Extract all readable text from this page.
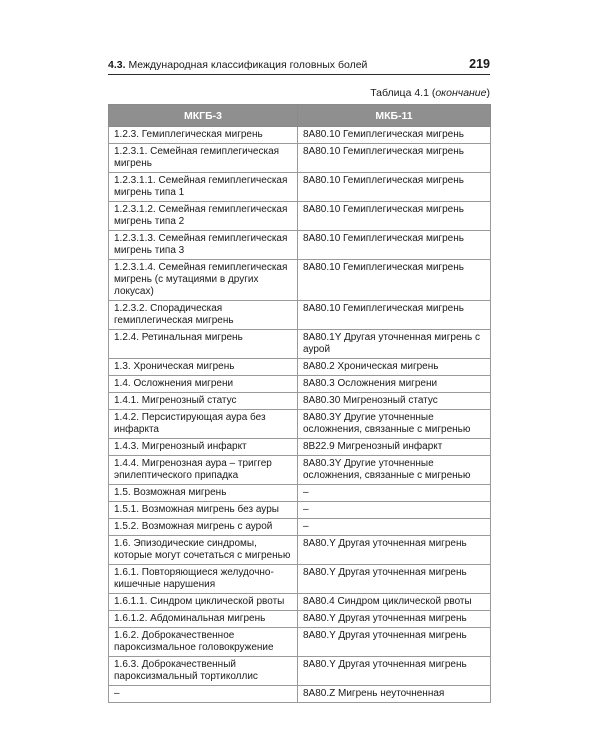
4.3. Международная классификация головных болей	219
Таблица 4.1 (окончание)
МКГБ-3	МКБ-11
1.2.3. Гемиплегическая мигрень	8A80.10 Гемиплегическая мигрень
1.2.3.1. Семейная гемиплегическая мигрень	8A80.10 Гемиплегическая мигрень
1.2.3.1.1. Семейная гемиплегическая мигрень типа 1	8A80.10 Гемиплегическая мигрень
1.2.3.1.2. Семейная гемиплегическая мигрень типа 2	8A80.10 Гемиплегическая мигрень
1.2.3.1.3. Семейная гемиплегическая мигрень типа 3	8A80.10 Гемиплегическая мигрень
1.2.3.1.4. Семейная гемиплегическая мигрень (с мутациями в других локусах)	8A80.10 Гемиплегическая мигрень
1.2.3.2. Спорадическая гемиплегическая мигрень	8A80.10 Гемиплегическая мигрень
1.2.4. Ретинальная мигрень	8A80.1Y Другая уточненная мигрень с аурой
1.3. Хроническая мигрень	8A80.2 Хроническая мигрень
1.4. Осложнения мигрени	8A80.3 Осложнения мигрени
1.4.1. Мигренозный статус	8A80.30 Мигренозный статус
1.4.2. Персистирующая аура без инфаркта	8A80.3Y Другие уточненные осложнения, связанные с мигренью
1.4.3. Мигренозный инфаркт	8B22.9 Мигренозный инфаркт
1.4.4. Мигренозная аура – триггер эпилептического припадка	8A80.3Y Другие уточненные осложнения, связанные с мигренью
1.5. Возможная мигрень	–
1.5.1. Возможная мигрень без ауры	–
1.5.2. Возможная мигрень с аурой	–
1.6. Эпизодические синдромы, которые могут сочетаться с мигренью	8A80.Y Другая уточненная мигрень
1.6.1. Повторяющиеся желудочно-кишечные нарушения	8A80.Y Другая уточненная мигрень
1.6.1.1. Синдром циклической рвоты	8A80.4 Синдром циклической рвоты
1.6.1.2. Абдоминальная мигрень	8A80.Y Другая уточненная мигрень
1.6.2. Доброкачественное пароксизмальное головокружение	8A80.Y Другая уточненная мигрень
1.6.3. Доброкачественный пароксизмальный тортиколлис	8A80.Y Другая уточненная мигрень
–	8A80.Z Мигрень неуточненная
